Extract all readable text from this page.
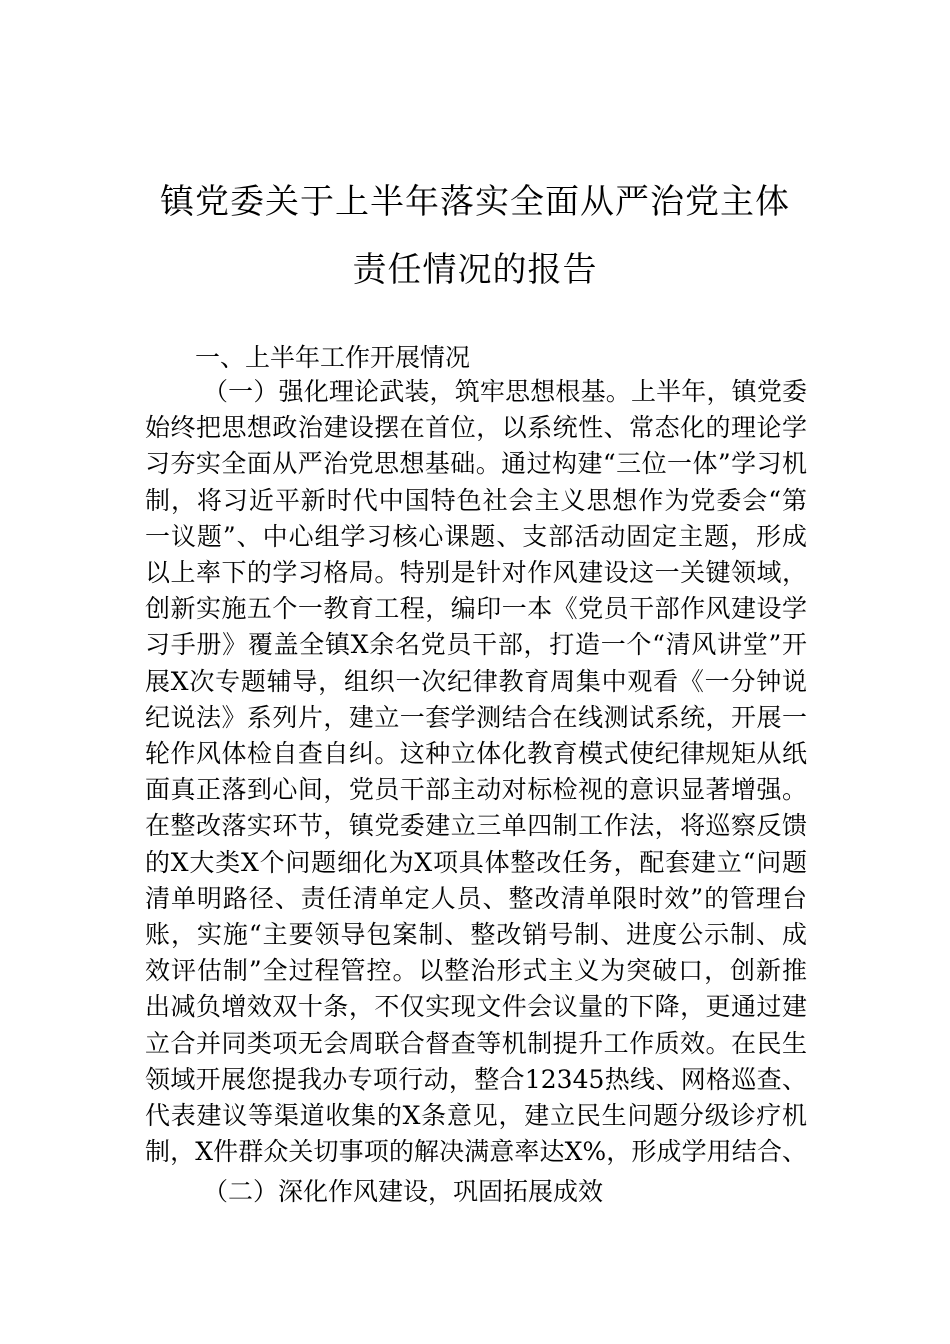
镇党委关于上半年落实全面从严治党主体
责任情况的报告
一、上半年工作开展情况
（一）强化理论武装，筑牢思想根基。上半年，镇党委始终把思想政治建设摆在首位，以系统性、常态化的理论学习夯实全面从严治党思想基础。通过构建“三位一体”学习机制，将习近平新时代中国特色社会主义思想作为党委会“第一议题”、中心组学习核心课题、支部活动固定主题，形成以上率下的学习格局。特别是针对作风建设这一关键领域，创新实施五个一教育工程，编印一本《党员干部作风建设学习手册》覆盖全镇X余名党员干部，打造一个“清风讲堂”开展X次专题辅导，组织一次纪律教育周集中观看《一分钟说纪说法》系列片，建立一套学测结合在线测试系统，开展一轮作风体检自查自纠。这种立体化教育模式使纪律规矩从纸面真正落到心间，党员干部主动对标检视的意识显著增强。在整改落实环节，镇党委建立三单四制工作法，将巡察反馈的X大类X个问题细化为X项具体整改任务，配套建立“问题清单明路径、责任清单定人员、整改清单限时效”的管理台账，实施“主要领导包案制、整改销号制、进度公示制、成效评估制”全过程管控。以整治形式主义为突破口，创新推出减负增效双十条，不仅实现文件会议量的下降，更通过建立合并同类项无会周联合督查等机制提升工作质效。在民生领域开展您提我办专项行动，整合12345热线、网格巡查、代表建议等渠道收集的X条意见，建立民生问题分级诊疗机制，X件群众关切事项的解决满意率达X%，形成学用结合、
（二）深化作风建设，巩固拓展成效
